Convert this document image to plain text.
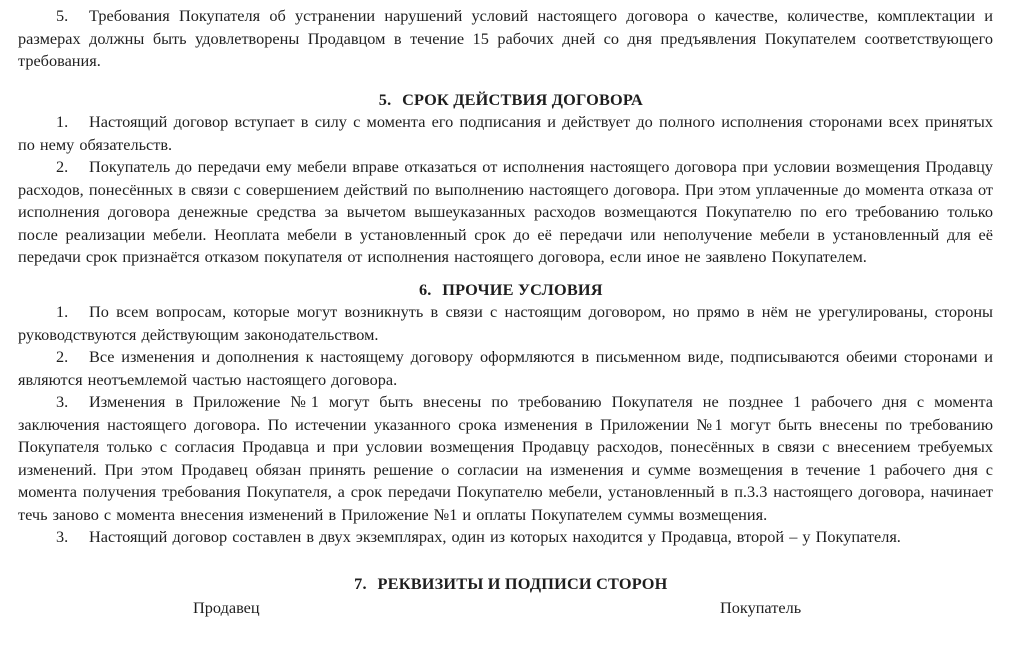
5. Требования Покупателя об устранении нарушений условий настоящего договора о качестве, количестве, комплектации и размерах должны быть удовлетворены Продавцом в течение 15 рабочих дней со дня предъявления Покупателем соответствующего требования.

5. СРОК ДЕЙСТВИЯ ДОГОВОРА

1. Настоящий договор вступает в силу с момента его подписания и действует до полного исполнения сторонами всех принятых по нему обязательств.

2. Покупатель до передачи ему мебели вправе отказаться от исполнения настоящего договора при условии возмещения Продавцу расходов, понесённых в связи с совершением действий по выполнению настоящего договора. При этом уплаченные до момента отказа от исполнения договора денежные средства за вычетом вышеуказанных расходов возмещаются Покупателю по его требованию только после реализации мебели. Неоплата мебели в установленный срок до её передачи или неполучение мебели в установленный для её передачи срок признаётся отказом покупателя от исполнения настоящего договора, если иное не заявлено Покупателем.

6. ПРОЧИЕ УСЛОВИЯ

1. По всем вопросам, которые могут возникнуть в связи с настоящим договором, но прямо в нём не урегулированы, стороны руководствуются действующим законодательством.

2. Все изменения и дополнения к настоящему договору оформляются в письменном виде, подписываются обеими сторонами и являются неотъемлемой частью настоящего договора.

3. Изменения в Приложение №1 могут быть внесены по требованию Покупателя не позднее 1 рабочего дня с момента заключения настоящего договора. По истечении указанного срока изменения в Приложении №1 могут быть внесены по требованию Покупателя только с согласия Продавца и при условии возмещения Продавцу расходов, понесённых в связи с внесением требуемых изменений. При этом Продавец обязан принять решение о согласии на изменения и сумме возмещения в течение 1 рабочего дня с момента получения требования Покупателя, а срок передачи Покупателю мебели, установленный в п.3.3 настоящего договора, начинает течь заново с момента внесения изменений в Приложение №1 и оплаты Покупателем суммы возмещения.

3. Настоящий договор составлен в двух экземплярах, один из которых находится у Продавца, второй – у Покупателя.

7. РЕКВИЗИТЫ И ПОДПИСИ СТОРОН
Продавец	Покупатель
